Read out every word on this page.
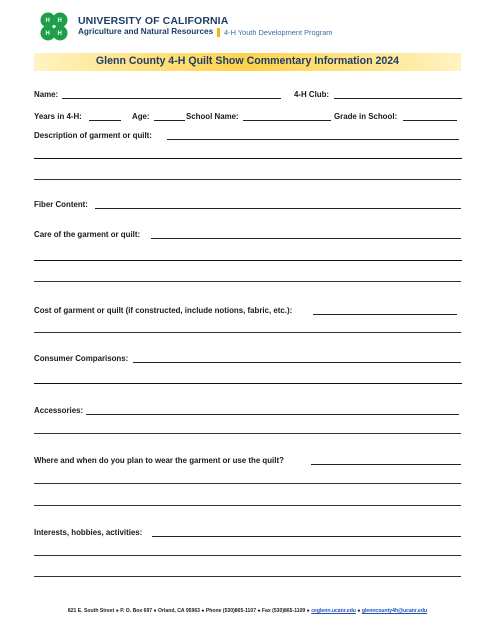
H H
H H
UNIVERSITY OF CALIFORNIA
Agriculture and Natural Resources 4-H Youth Development Program
Glenn County 4-H Quilt Show Commentary Information 2024
Name:	4-H Club:
Years in 4-H:	Age:	School Name:	Grade in School:
Description of garment or quilt:
Fiber Content:
Care of the garment or quilt:
Cost of garment or quilt (if constructed, include notions, fabric, etc.):
Consumer Comparisons:
Accessories:
Where and when do you plan to wear the garment or use the quilt?
Interests, hobbies, activities:
821 E. South Street ● P. O. Box 697 ● Orland, CA 95963 ● Phone (530)865-1107 ● Fax (530)865-1109 ● ceglenn.ucanr.edu ● glenncounty4h@ucanr.edu
